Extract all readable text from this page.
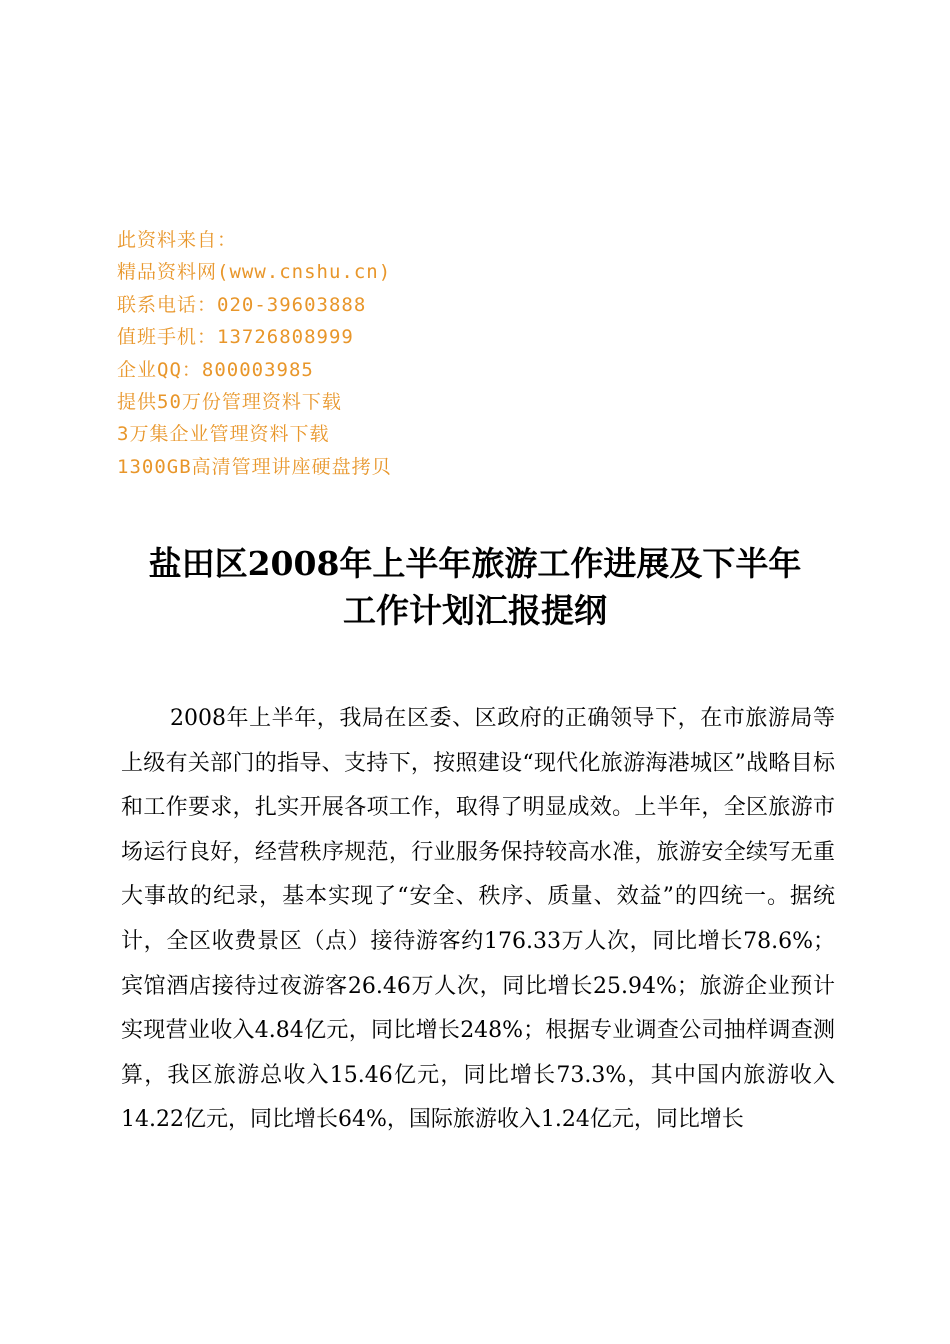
此资料来自：
精品资料网(www.cnshu.cn)
联系电话：020-39603888
值班手机：13726808999
企业QQ：800003985
提供50万份管理资料下载
3万集企业管理资料下载
1300GB高清管理讲座硬盘拷贝
盐田区2008年上半年旅游工作进展及下半年
工作计划汇报提纲

2008年上半年，我局在区委、区政府的正确领导下，在市旅游局等上级有关部门的指导、支持下，按照建设“现代化旅游海港城区”战略目标和工作要求，扎实开展各项工作，取得了明显成效。上半年，全区旅游市场运行良好，经营秩序规范，行业服务保持较高水准，旅游安全续写无重大事故的纪录，基本实现了“安全、秩序、质量、效益”的四统一。据统计，全区收费景区（点）接待游客约176.33万人次，同比增长78.6%；宾馆酒店接待过夜游客26.46万人次，同比增长25.94%；旅游企业预计实现营业收入4.84亿元，同比增长248%；根据专业调查公司抽样调查测算，我区旅游总收入15.46亿元，同比增长73.3%，其中国内旅游收入14.22亿元，同比增长64%，国际旅游收入1.24亿元，同比增长
